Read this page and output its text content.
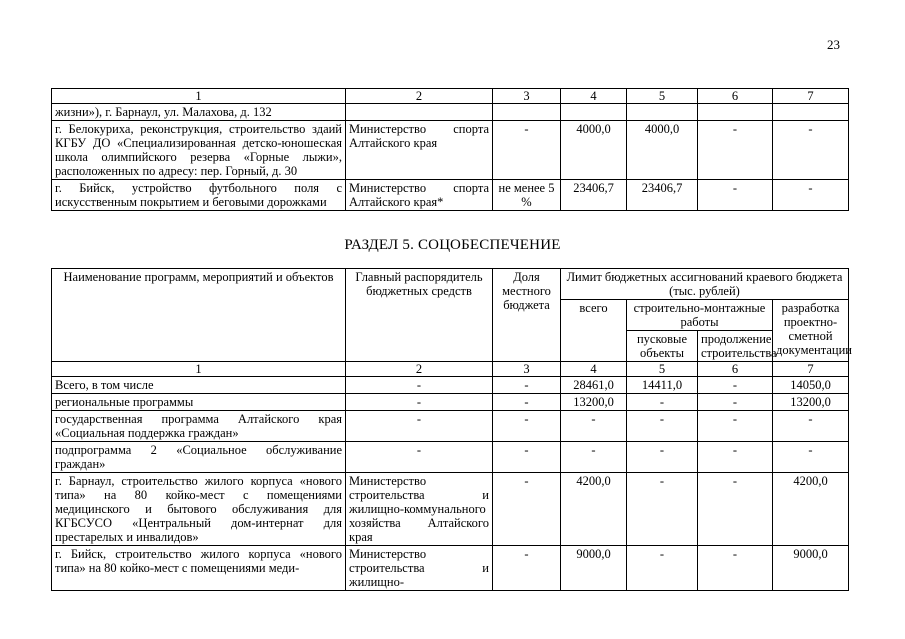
23
1	2	3	4	5	6	7
жизни»), г. Барнаул, ул. Малахова, д. 132						
г. Белокуриха, реконструкция, строительство здаий КГБУ ДО «Специализированная детско-юношеская школа олимпийского резерва «Горные лыжи», расположенных по адресу: пер. Горный, д. 30	Министерство спорта Алтайского края	-	4000,0	4000,0	-	-
г. Бийск, устройство футбольного поля с искусственным покрытием и беговыми дорожками	Министерство спорта Алтайского края*	не менее 5 %	23406,7	23406,7	-	-
РАЗДЕЛ 5. СОЦОБЕСПЕЧЕНИЕ
Наименование программ, мероприятий и объектов	Главный распорядитель бюджетных средств	Доля местного бюджета	Лимит бюджетных ассигнований краевого бюджета (тыс. рублей)			
			всего	строительно-монтажные работы		разработка проектно-сметной документации
				пусковые объекты	продолжение строительства	
1	2	3	4	5	6	7
Всего, в том числе	-	-	28461,0	14411,0	-	14050,0
региональные программы	-	-	13200,0	-	-	13200,0
государственная программа Алтайского края «Социальная поддержка граждан»	-	-	-	-	-	-
подпрограмма 2 «Социальное обслуживание граждан»	-	-	-	-	-	-
г. Барнаул, строительство жилого корпуса «нового типа» на 80 койко-мест с помещениями медицинского и бытового обслуживания для КГБСУСО «Центральный дом-интернат для престарелых и инвалидов»	Министерство строительства и жилищно-коммунального хозяйства Алтайского края	-	4200,0	-	-	4200,0
г. Бийск, строительство жилого корпуса «нового типа» на 80 койко-мест с помещениями меди-	Министерство строительства и жилищно-	-	9000,0	-	-	9000,0
